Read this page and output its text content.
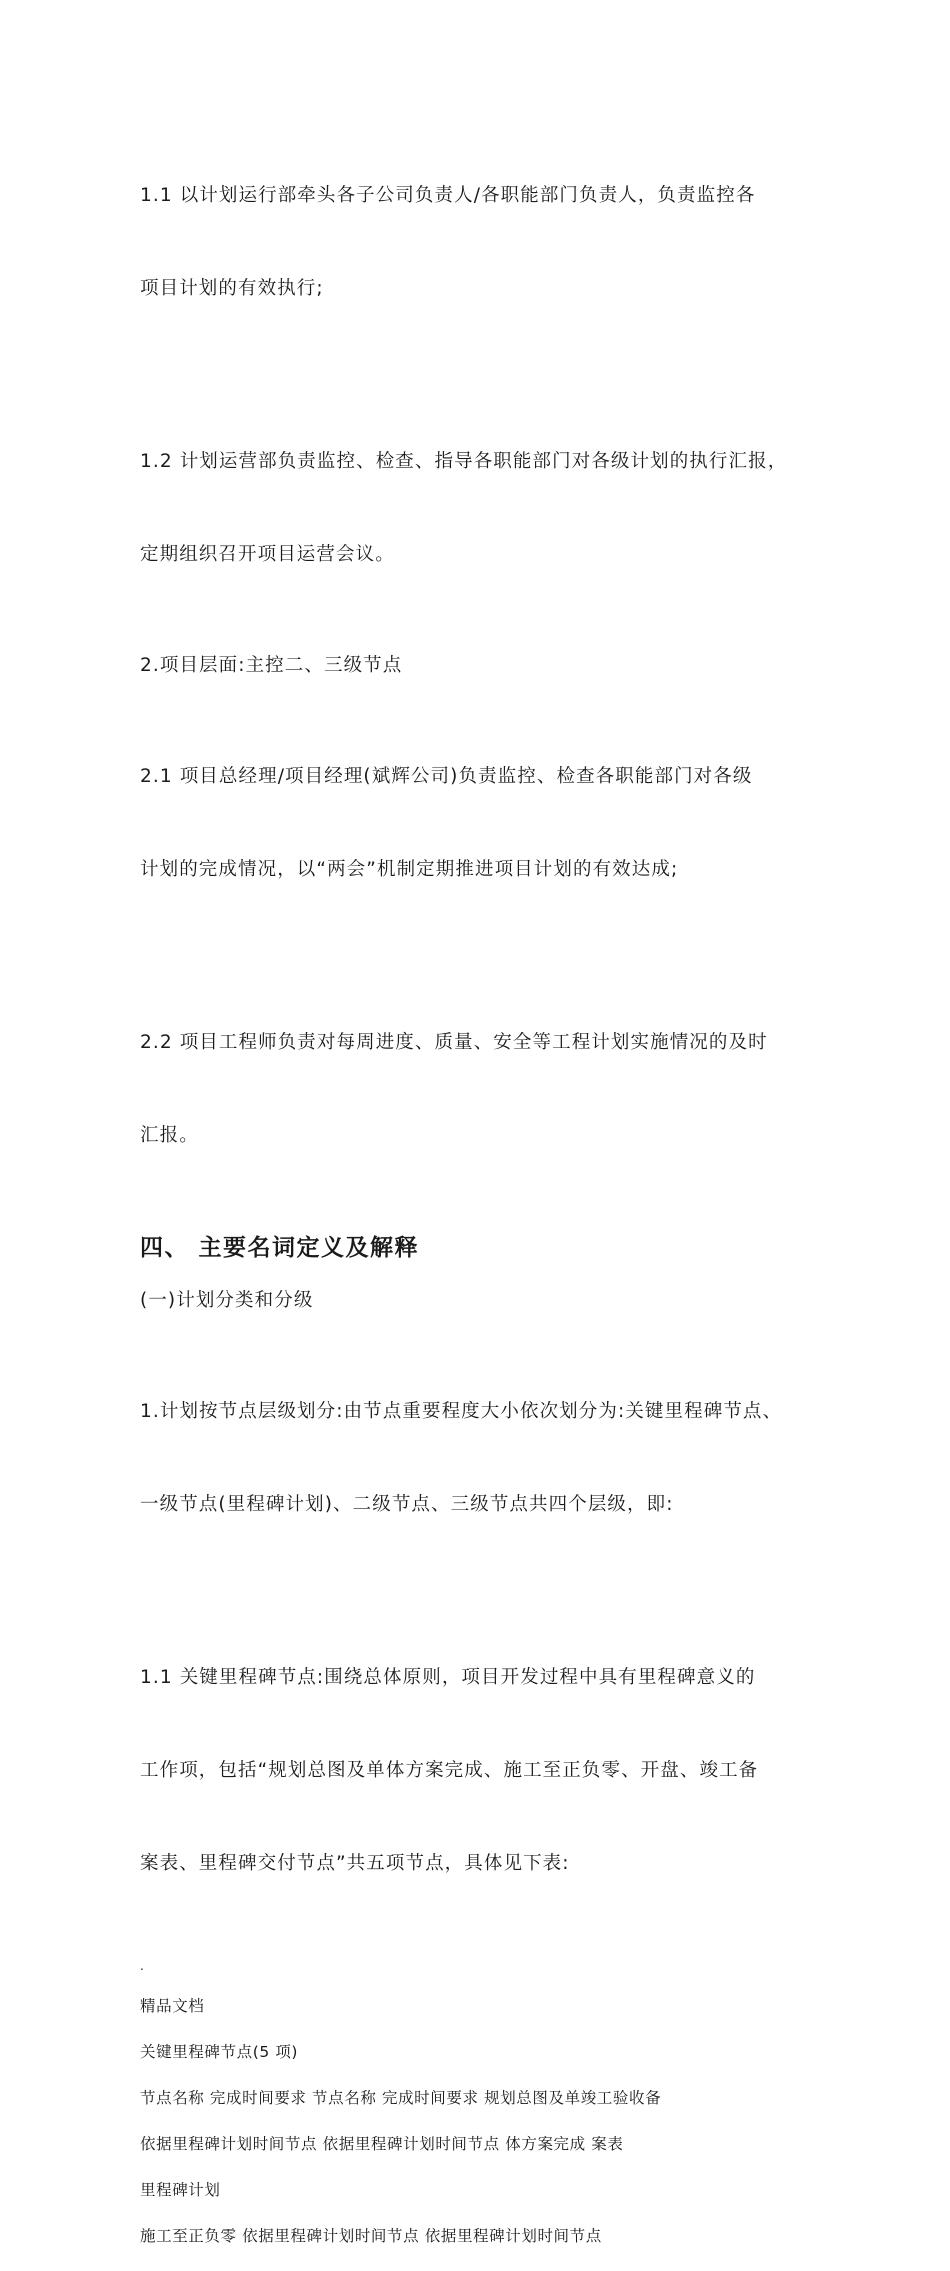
1.1 以计划运行部牵头各子公司负责人/各职能部门负责人，负责监控各

项目计划的有效执行;

1.2 计划运营部负责监控、检查、指导各职能部门对各级计划的执行汇报，

定期组织召开项目运营会议。

2.项目层面:主控二、三级节点

2.1 项目总经理/项目经理(斌辉公司)负责监控、检查各职能部门对各级

计划的完成情况，以“两会”机制定期推进项目计划的有效达成;

2.2 项目工程师负责对每周进度、质量、安全等工程计划实施情况的及时

汇报。

四、 主要名词定义及解释

(一)计划分类和分级

1.计划按节点层级划分:由节点重要程度大小依次划分为:关键里程碑节点、

一级节点(里程碑计划)、二级节点、三级节点共四个层级，即:

1.1 关键里程碑节点:围绕总体原则，项目开发过程中具有里程碑意义的

工作项，包括“规划总图及单体方案完成、施工至正负零、开盘、竣工备

案表、里程碑交付节点”共五项节点，具体见下表:

.

精品文档

关键里程碑节点(5 项)

节点名称 完成时间要求 节点名称 完成时间要求 规划总图及单竣工验收备

依据里程碑计划时间节点 依据里程碑计划时间节点 体方案完成 案表

里程碑计划

施工至正负零 依据里程碑计划时间节点 依据里程碑计划时间节点
